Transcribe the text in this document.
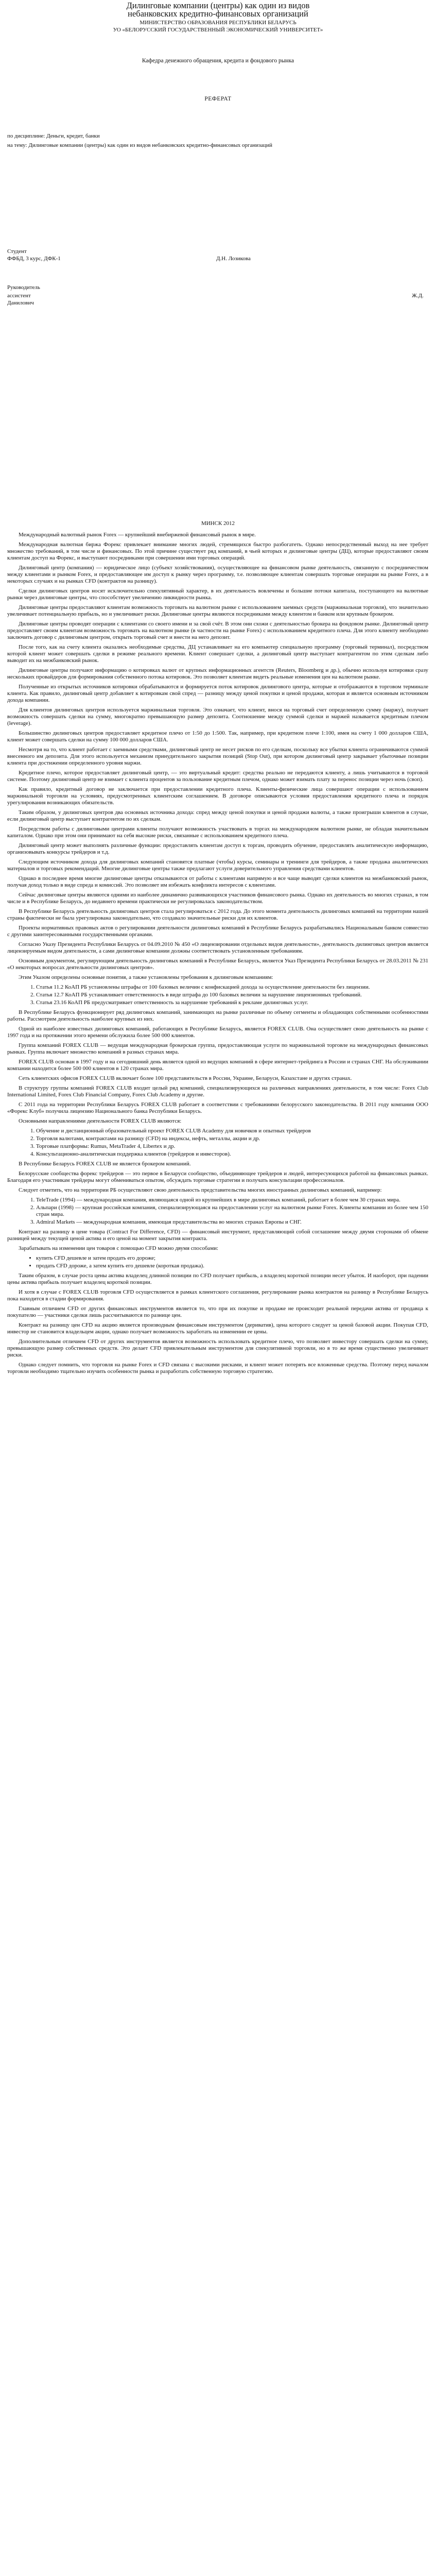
Дилинговые компании (центры) как один из видов
небанковских кредитно-финансовых организаций
МИНИСТЕРСТВО ОБРАЗОВАНИЯ РЕСПУБЛИКИ БЕЛАРУСЬ
УО «БЕЛОРУССКИЙ ГОСУДАРСТВЕННЫЙ ЭКОНОМИЧЕСКИЙ УНИВЕРСИТЕТ»
Кафедра денежного обращения, кредита и фондового рынка
РЕФЕРАТ
по дисциплине: Деньги, кредит, банки
на тему: Дилинговые компании (центры) как один из видов небанковских кредитно-финансовых организаций
Студент
ФФБД, 3 курс, ДФК-1	Д.Н. Лозикова
Руководитель
ассистент	Ж.Д.
Данилович
МИНСК 2012

Международный валютный рынок Forex — крупнейший внебиржевой финансовый рынок в мире.

Международная валютная биржа Форекс привлекает внимание многих людей, стремящихся быстро разбогатеть. Однако непосредственный выход на нее требует множество требований, в том числе и финансовых. По этой причине существует ряд компаний, в чьей которых и дилинговые центры (ДЦ), которые предоставляют своим клиентам доступ на Форекс, и выступают посредниками при совершении ими торговых операций.

Дилинговый центр (компания) — юридическое лицо (субъект хозяйствования), осуществляющее на финансовом рынке деятельность, связанную с посредничеством между клиентами и рынком Forex, и предоставляющее им доступ к рынку через программу, т.е. позволяющее клиентам совершать торговые операции на рынке Forex, а в некоторых случаях и на рынках CFD (контрактов на разницу).

Сделки дилинговых центров носят исключительно спекулятивный характер, в их деятельность вовлечены и большие потоки капитала, поступающего на валютные рынки через дилинговые центры, что способствует увеличению ликвидности рынка.

Дилинговые центры предоставляют клиентам возможность торговать на валютном рынке с использованием заемных средств (маржинальная торговля), что значительно увеличивает потенциальную прибыль, но и увеличивает риски. Дилинговые центры являются посредниками между клиентом и банком или крупным брокером.

Дилинговые центры проводят операции с клиентами со своего имени и за свой счёт. В этом они схожи с деятельностью брокера на фондовом рынке. Дилинговый центр предоставляет своим клиентам возможность торговать на валютном рынке (в частности на рынке Forex) с использованием кредитного плеча. Для этого клиенту необходимо заключить договор с дилинговым центром, открыть торговый счет и внести на него депозит.

После того, как на счету клиента оказались необходимые средства, ДЦ устанавливает на его компьютер специальную программу (торговый терминал), посредством которой клиент может совершать сделки в режиме реального времени. Клиент совершает сделки, а дилинговый центр выступает контрагентом по этим сделкам либо выводит их на межбанковский рынок.

Дилинговые центры получают информацию о котировках валют от крупных информационных агентств (Reuters, Bloomberg и др.), обычно используя котировки сразу нескольких провайдеров для формирования собственного потока котировок. Это позволяет клиентам видеть реальные изменения цен на валютном рынке.

Полученные из открытых источников котировки обрабатываются и формируется поток котировок дилингового центра, которые и отображаются в торговом терминале клиента. Как правило, дилинговый центр добавляет к котировкам свой спред — разницу между ценой покупки и ценой продажи, которая и является основным источником дохода компании.

Для клиентов дилинговых центров используется маржинальная торговля. Это означает, что клиент, внося на торговый счет определенную сумму (маржу), получает возможность совершать сделки на сумму, многократно превышающую размер депозита. Соотношение между суммой сделки и маржей называется кредитным плечом (leverage).

Большинство дилинговых центров предоставляет кредитное плечо от 1:50 до 1:500. Так, например, при кредитном плече 1:100, имея на счету 1 000 долларов США, клиент может совершать сделки на сумму 100 000 долларов США.

Несмотря на то, что клиент работает с заемными средствами, дилинговый центр не несет рисков по его сделкам, поскольку все убытки клиента ограничиваются суммой внесенного им депозита. Для этого используется механизм принудительного закрытия позиций (Stop Out), при котором дилинговый центр закрывает убыточные позиции клиента при достижении определенного уровня маржи.

Кредитное плечо, которое предоставляет дилинговый центр, — это виртуальный кредит: средства реально не передаются клиенту, а лишь учитываются в торговой системе. Поэтому дилинговый центр не взимает с клиента процентов за пользование кредитным плечом, однако может взимать плату за перенос позиции через ночь (своп).

Как правило, кредитный договор не заключается при предоставлении кредитного плеча. Клиенты-физические лица совершают операции с использованием маржинальной торговли на условиях, предусмотренных клиентским соглашением. В договоре описываются условия предоставления кредитного плеча и порядок урегулирования возникающих обязательств.

Таким образом, у дилинговых центров два основных источника дохода: спред между ценой покупки и ценой продажи валюты, а также проигрыши клиентов в случае, если дилинговый центр выступает контрагентом по их сделкам.

Посредством работы с дилинговыми центрами клиенты получают возможность участвовать в торгах на международном валютном рынке, не обладая значительным капиталом. Однако при этом они принимают на себя высокие риски, связанные с использованием кредитного плеча.

Дилинговый центр может выполнять различные функции: предоставлять клиентам доступ к торгам, проводить обучение, предоставлять аналитическую информацию, организовывать конкурсы трейдеров и т.д.

Следующим источником дохода для дилинговых компаний становятся платные (чтобы) курсы, семинары и тренинги для трейдеров, а также продажа аналитических материалов и торговых рекомендаций. Многие дилинговые центры также предлагают услуги доверительного управления средствами клиентов.

Однако в последнее время многие дилинговые центры отказываются от работы с клиентами напрямую и все чаще выводят сделки клиентов на межбанковский рынок, получая доход только в виде спреда и комиссий. Это позволяет им избежать конфликта интересов с клиентами.

Сейчас дилинговые центры являются одними из наиболее динамично развивающихся участников финансового рынка. Однако их деятельность во многих странах, в том числе и в Республике Беларусь, до недавнего времени практически не регулировалась законодательством.

В Республике Беларусь деятельность дилинговых центров стала регулироваться с 2012 года. До этого момента деятельность дилинговых компаний на территории нашей страны фактически не была урегулирована законодательно, что создавало значительные риски для их клиентов.

Проекты нормативных правовых актов о регулировании деятельности дилинговых компаний в Республике Беларусь разрабатывались Национальным банком совместно с другими заинтересованными государственными органами.

Согласно Указу Президента Республики Беларусь от 04.09.2010 № 450 «О лицензировании отдельных видов деятельности», деятельность дилинговых центров является лицензируемым видом деятельности, а сами дилинговые компании должны соответствовать установленным требованиям.

Основным документом, регулирующим деятельность дилинговых компаний в Республике Беларусь, является Указ Президента Республики Беларусь от 28.03.2011 № 231 «О некоторых вопросах деятельности дилинговых центров».

Этим Указом определены основные понятия, а также установлены требования к дилинговым компаниям:

1. Статья 11.2 КоАП РБ установлены штрафы от 100 базовых величин с конфискацией дохода за осуществление деятельности без лицензии.
2. Статья 12.7 КоАП РБ устанавливает ответственность в виде штрафа до 100 базовых величин за нарушение лицензионных требований.
3. Статья 23.16 КоАП РБ предусматривает ответственность за нарушение требований к рекламе дилинговых услуг.

В Республике Беларусь функционирует ряд дилинговых компаний, занимающих на рынке различные по объему сегменты и обладающих собственными особенностями работы. Рассмотрим деятельность наиболее крупных из них.

Одной из наиболее известных дилинговых компаний, работающих в Республике Беларусь, является FOREX CLUB. Она осуществляет свою деятельность на рынке с 1997 года и на протяжении этого времени обслужила более 500 000 клиентов.

Группа компаний FOREX CLUB — ведущая международная брокерская группа, предоставляющая услуги по маржинальной торговле на международных финансовых рынках. Группа включает множество компаний в разных странах мира.

FOREX CLUB основан в 1997 году и на сегодняшний день является одной из ведущих компаний в сфере интернет-трейдинга в России и странах СНГ. На обслуживании компании находится более 500 000 клиентов в 120 странах мира.

Сеть клиентских офисов FOREX CLUB включает более 100 представительств в России, Украине, Беларуси, Казахстане и других странах.

В структуру группы компаний FOREX CLUB входит целый ряд компаний, специализирующихся на различных направлениях деятельности, в том числе: Forex Club International Limited, Forex Club Financial Company, Forex Club Academy и другие.

С 2011 года на территории Республики Беларусь FOREX CLUB работает в соответствии с требованиями белорусского законодательства. В 2011 году компания ООО «Форекс Клуб» получила лицензию Национального банка Республики Беларусь.

Основными направлениями деятельности FOREX CLUB являются:

1. Обучение и дистанционный образовательный проект FOREX CLUB Academy для новичков и опытных трейдеров
2. Торговля валютами, контрактами на разницу (CFD) на индексы, нефть, металлы, акции и др.
3. Торговые платформы: Rumus, MetaTrader 4, Libertex и др.
4. Консультационно-аналитическая поддержка клиентов (трейдеров и инвесторов).

В Республике Беларусь FOREX CLUB не является брокером компаний.

Белорусские сообщества форекс трейдеров — это первое в Беларуси сообщество, объединяющее трейдеров и людей, интересующихся работой на финансовых рынках. Благодаря его участникам трейдеры могут обмениваться опытом, обсуждать торговые стратегии и получать консультации профессионалов.

Следует отметить, что на территории РБ осуществляют свою деятельность представительства многих иностранных дилинговых компаний, например:

1. TeleTrade (1994) — международная компания, являющаяся одной из крупнейших в мире дилинговых компаний, работает в более чем 30 странах мира.
2. Альпари (1998) — крупная российская компания, специализирующаяся на предоставлении услуг на валютном рынке Forex. Клиенты компании из более чем 150 стран мира.
3. Admiral Markets — международная компания, имеющая представительства во многих странах Европы и СНГ.

Контракт на разницу в цене товара (Contract For Difference, CFD) — финансовый инструмент, представляющий собой соглашение между двумя сторонами об обмене разницей между текущей ценой актива и его ценой на момент закрытия контракта.

Зарабатывать на изменении цен товаров с помощью CFD можно двумя способами:

• купить CFD дешевле и затем продать его дороже;
• продать CFD дороже, а затем купить его дешевле (короткая продажа).

Таким образом, в случае роста цены актива владелец длинной позиции по CFD получает прибыль, а владелец короткой позиции несет убыток. И наоборот, при падении цены актива прибыль получает владелец короткой позиции.

И хотя в случае с FOREX CLUB торговля CFD осуществляется в рамках клиентского соглашения, регулирование рынка контрактов на разницу в Республике Беларусь пока находится в стадии формирования.

Главным отличием CFD от других финансовых инструментов является то, что при их покупке и продаже не происходит реальной передачи актива от продавца к покупателю — участники сделки лишь рассчитываются по разнице цен.

Контракт на разницу цен CFD на акцию является производным финансовым инструментом (дериватив), цена которого следует за ценой базовой акции. Покупая CFD, инвестор не становится владельцем акции, однако получает возможность заработать на изменении ее цены.

Дополнительным отличием CFD от других инструментов является возможность использовать кредитное плечо, что позволяет инвестору совершать сделки на сумму, превышающую размер собственных средств. Это делает CFD привлекательным инструментом для спекулятивной торговли, но в то же время существенно увеличивает риски.

Однако следует помнить, что торговля на рынке Forex и CFD связана с высокими рисками, и клиент может потерять все вложенные средства. Поэтому перед началом торговли необходимо тщательно изучить особенности рынка и разработать собственную торговую стратегию.
